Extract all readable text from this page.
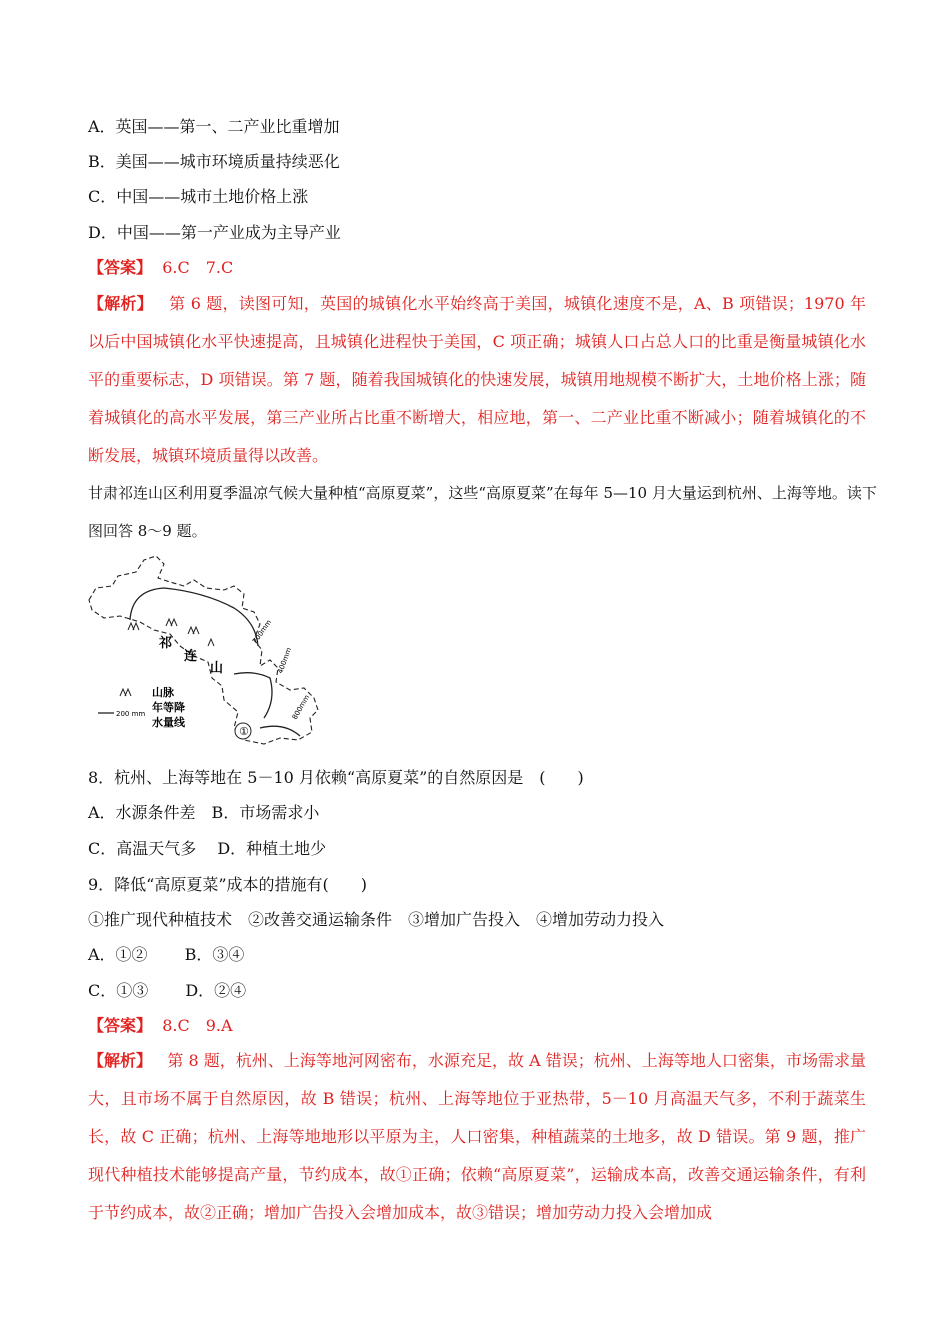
A．英国——第一、二产业比重增加
B．美国——城市环境质量持续恶化
C．中国——城市土地价格上涨
D．中国——第一产业成为主导产业
【答案】 6.C　7.C
【解析】 第 6 题，读图可知，英国的城镇化水平始终高于美国，城镇化速度不是，A、B 项错误；1970 年以后中国城镇化水平快速提高，且城镇化进程快于美国，C 项正确；城镇人口占总人口的比重是衡量城镇化水平的重要标志，D 项错误。第 7 题，随着我国城镇化的快速发展，城镇用地规模不断扩大，土地价格上涨；随着城镇化的高水平发展，第三产业所占比重不断增大，相应地，第一、二产业比重不断减小；随着城镇化的不断发展，城镇环境质量得以改善。
甘肃祁连山区利用夏季温凉气候大量种植“高原夏菜”，这些“高原夏菜”在每年 5—10 月大量运到杭州、上海等地。读下图回答 8～9 题。
200mm
400mm
800mm
祁
连
山
①
山脉
200 mm 年等降
水量线
8．杭州、上海等地在 5－10 月依赖“高原夏菜”的自然原因是　(　　)
A．水源条件差　B．市场需求小
C．高温天气多　 D．种植土地少
9．降低“高原夏菜”成本的措施有(　　)
①推广现代种植技术　②改善交通运输条件　③增加广告投入　④增加劳动力投入
A．①②　　 B．③④
C．①③　　 D．②④
【答案】 8.C　9.A
【解析】 第 8 题，杭州、上海等地河网密布，水源充足，故 A 错误；杭州、上海等地人口密集，市场需求量大，且市场不属于自然原因，故 B 错误；杭州、上海等地位于亚热带，5－10 月高温天气多，不利于蔬菜生长，故 C 正确；杭州、上海等地地形以平原为主，人口密集，种植蔬菜的土地多，故 D 错误。第 9 题，推广现代种植技术能够提高产量，节约成本，故①正确；依赖“高原夏菜”，运输成本高，改善交通运输条件，有利于节约成本，故②正确；增加广告投入会增加成本，故③错误；增加劳动力投入会增加成
